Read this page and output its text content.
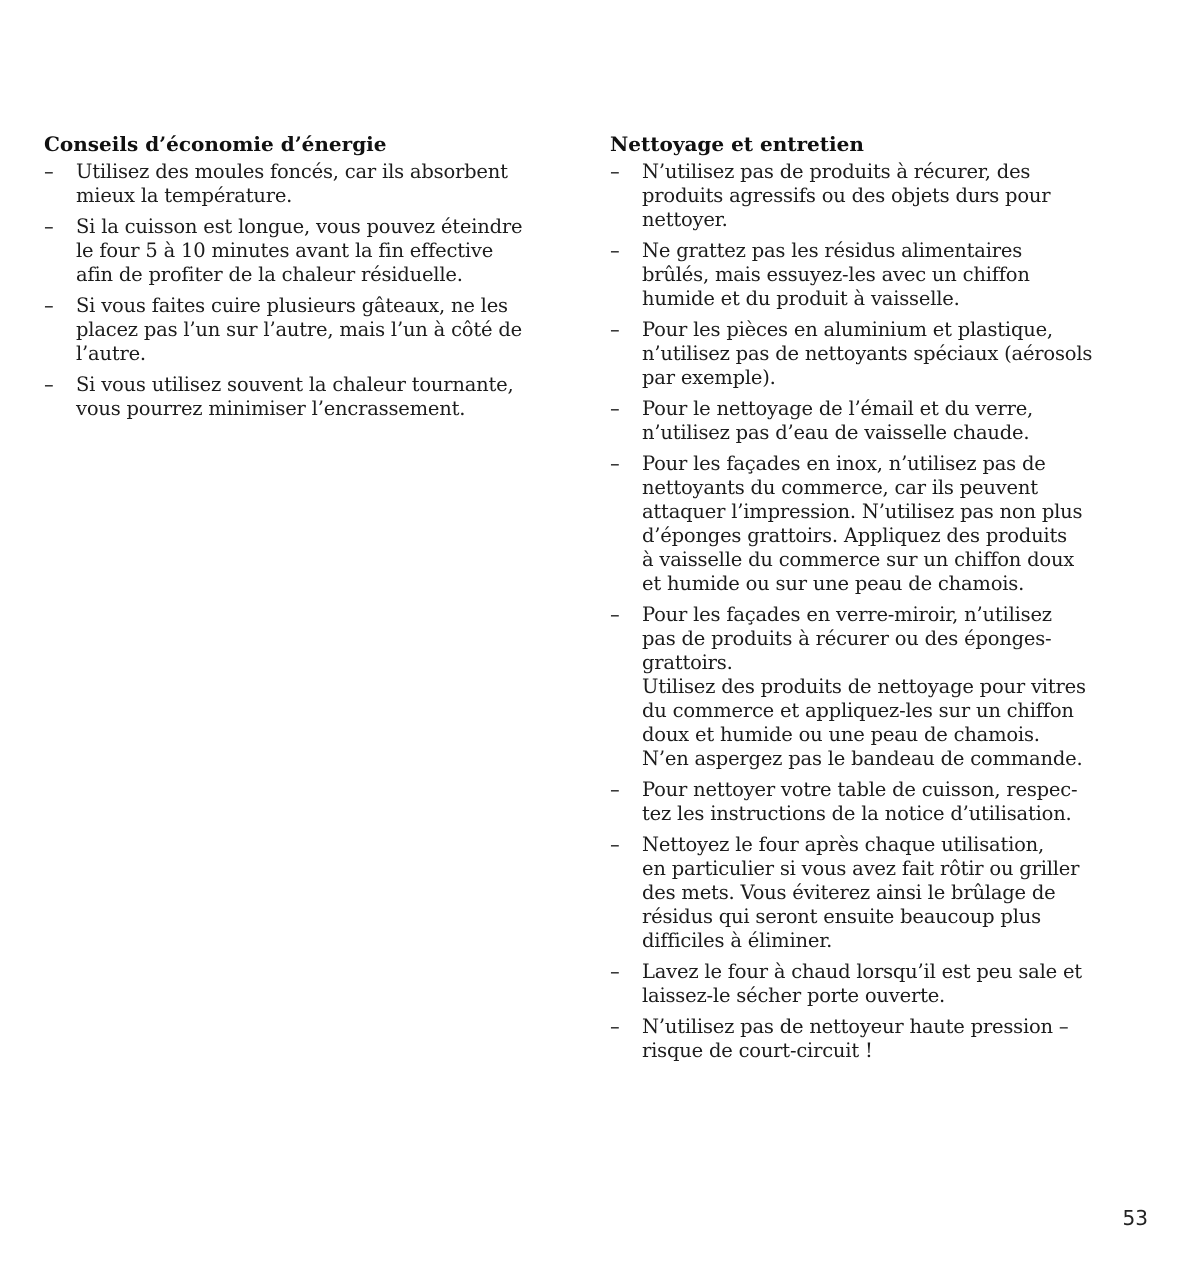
Conseils d’économie d’énergie
–	Utilisez des moules foncés, car ils absorbent
mieux la température.
–	Si la cuisson est longue, vous pouvez éteindre
le four 5 à 10 minutes avant la fin effective
afin de profiter de la chaleur résiduelle.
–	Si vous faites cuire plusieurs gâteaux, ne les
placez pas l’un sur l’autre, mais l’un à côté de
l’autre.
–	Si vous utilisez souvent la chaleur tournante,
vous pourrez minimiser l’encrassement.
Nettoyage et entretien
–	N’utilisez pas de produits à récurer, des
produits agressifs ou des objets durs pour
nettoyer.
–	Ne grattez pas les résidus alimentaires
brûlés, mais essuyez-les avec un chiffon
humide et du produit à vaisselle.
–	Pour les pièces en aluminium et plastique,
n’utilisez pas de nettoyants spéciaux (aérosols
par exemple).
–	Pour le nettoyage de l’émail et du verre,
n’utilisez pas d’eau de vaisselle chaude.
–	Pour les façades en inox, n’utilisez pas de
nettoyants du commerce, car ils peuvent
attaquer l’impression. N’utilisez pas non plus
d’éponges grattoirs. Appliquez des produits
à vaisselle du commerce sur un chiffon doux
et humide ou sur une peau de chamois.
–	Pour les façades en verre-miroir, n’utilisez
pas de produits à récurer ou des éponges-
grattoirs.
Utilisez des produits de nettoyage pour vitres
du commerce et appliquez-les sur un chiffon
doux et humide ou une peau de chamois.
N’en aspergez pas le bandeau de commande.
–	Pour nettoyer votre table de cuisson, respec-
tez les instructions de la notice d’utilisation.
–	Nettoyez le four après chaque utilisation,
en particulier si vous avez fait rôtir ou griller
des mets. Vous éviterez ainsi le brûlage de
résidus qui seront ensuite beaucoup plus
difficiles à éliminer.
–	Lavez le four à chaud lorsqu’il est peu sale et
laissez-le sécher porte ouverte.
–	N’utilisez pas de nettoyeur haute pression –
risque de court-circuit !
53
